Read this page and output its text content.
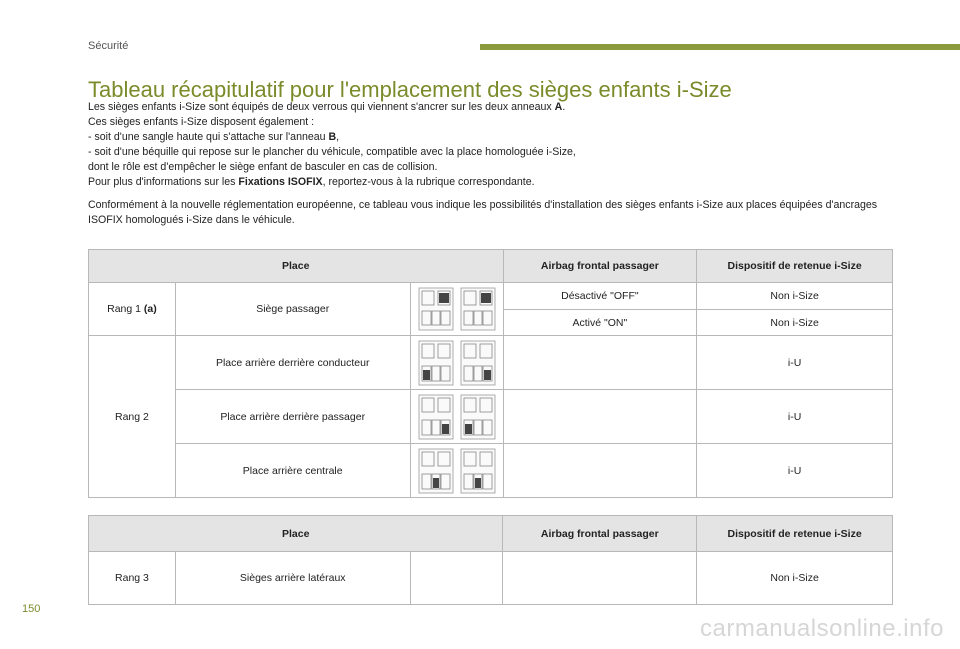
Sécurité
Tableau récapitulatif pour l'emplacement des sièges enfants i-Size

Les sièges enfants i-Size sont équipés de deux verrous qui viennent s'ancrer sur les deux anneaux A.

Ces sièges enfants i-Size disposent également :

- soit d'une sangle haute qui s'attache sur l'anneau B,

- soit d'une béquille qui repose sur le plancher du véhicule, compatible avec la place homologuée i-Size,

dont le rôle est d'empêcher le siège enfant de basculer en cas de collision.

Pour plus d'informations sur les Fixations ISOFIX, reportez-vous à la rubrique correspondante.

Conformément à la nouvelle réglementation européenne, ce tableau vous indique les possibilités d'installation des sièges enfants i-Size aux places équipées d'ancrages ISOFIX homologués i-Size dans le véhicule.

Place			Airbag frontal passager	Dispositif de retenue i-Size
Rang 1 (a)	Siège passager		Désactivé "OFF"	Non i-Size
			Activé "ON"	Non i-Size
Rang 2	Place arrière derrière conducteur			i-U
	Place arrière derrière passager			i-U
	Place arrière centrale			i-U
Place			Airbag frontal passager	Dispositif de retenue i-Size
Rang 3	Sièges arrière latéraux			Non i-Size
150
carmanualsonline.info
